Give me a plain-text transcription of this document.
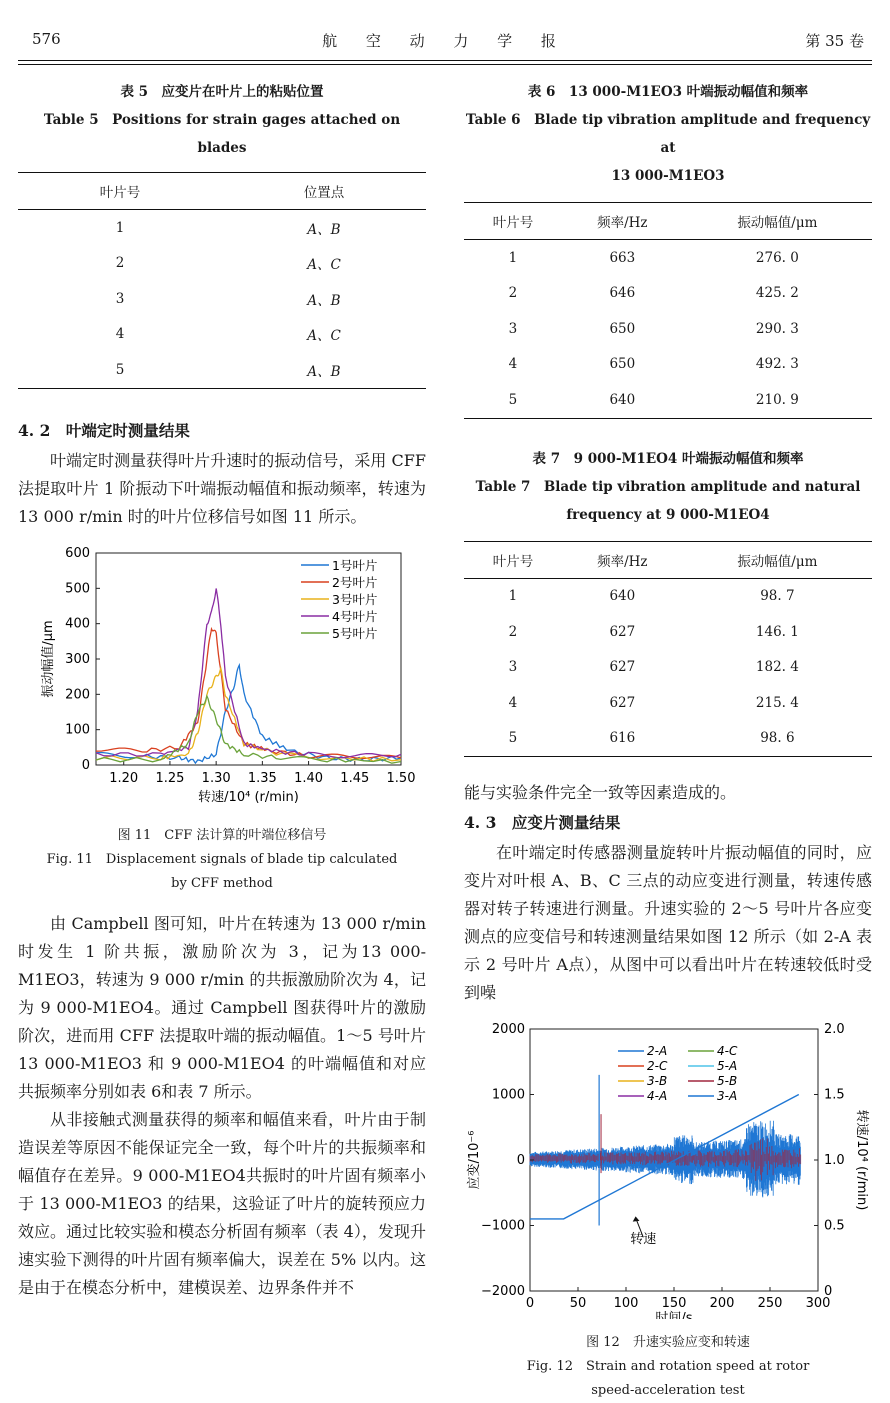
576	航 空 动 力 学 报	第 35 卷
表 5　应变片在叶片上的粘贴位置
Table 5　Positions for strain gages attached on blades
叶片号	位置点
1	A、B
2	A、C
3	A、B
4	A、C
5	A、B
4. 2　叶端定时测量结果

叶端定时测量获得叶片升速时的振动信号，采用 CFF 法提取叶片 1 阶振动下叶端振动幅值和振动频率，转速为 13 000 r/min 时的叶片位移信号如图 11 所示。

1.20 1.25 1.30 1.35 1.40 1.45 1.50
0
100
200
300
400
500
600
转速/10⁴ (r/min)
振动幅值/μm
1号叶片
2号叶片
3号叶片
4号叶片
5号叶片
图 11　CFF 法计算的叶端位移信号
Fig. 11　Displacement signals of blade tip calculated
by CFF method

由 Campbell 图可知，叶片在转速为 13 000 r/min时发生 1 阶共振，激励阶次为 3，记为13 000-M1EO3，转速为 9 000 r/min 的共振激励阶次为 4，记为 9 000-M1EO4。通过 Campbell 图获得叶片的激励阶次，进而用 CFF 法提取叶端的振动幅值。1～5 号叶片 13 000-M1EO3 和 9 000-M1EO4 的叶端幅值和对应共振频率分别如表 6和表 7 所示。

从非接触式测量获得的频率和幅值来看，叶片由于制造误差等原因不能保证完全一致，每个叶片的共振频率和幅值存在差异。9 000-M1EO4共振时的叶片固有频率小于 13 000-M1EO3 的结果，这验证了叶片的旋转预应力效应。通过比较实验和模态分析固有频率（表 4），发现升速实验下测得的叶片固有频率偏大，误差在 5% 以内。这是由于在模态分析中，建模误差、边界条件并不

表 6　13 000-M1EO3 叶端振动幅值和频率
Table 6　Blade tip vibration amplitude and frequency at
13 000-M1EO3
叶片号	频率/Hz	振动幅值/μm
1	663	276. 0
2	646	425. 2
3	650	290. 3
4	650	492. 3
5	640	210. 9
表 7　9 000-M1EO4 叶端振动幅值和频率
Table 7　Blade tip vibration amplitude and natural
frequency at 9 000-M1EO4
叶片号	频率/Hz	振动幅值/μm
1	640	98. 7
2	627	146. 1
3	627	182. 4
4	627	215. 4
5	616	98. 6

能与实验条件完全一致等因素造成的。

4. 3　应变片测量结果

在叶端定时传感器测量旋转叶片振动幅值的同时，应变片对叶根 A、B、C 三点的动应变进行测量，转速传感器对转子转速进行测量。升速实验的 2～5 号叶片各应变测点的应变信号和转速测量结果如图 12 所示（如 2-A 表示 2 号叶片 A点），从图中可以看出叶片在转速较低时受到噪

转速
0	50 100 150 200 250 300
−2000
−1000
0
1000
2000
0
0.5
1.0
1.5
2.0
时间/s
应变/10⁻⁶	转速/10⁴ (r/min)
2-A
2-C
3-B
4-A
4-C
5-A
5-B
3-A
图 12　升速实验应变和转速
Fig. 12　Strain and rotation speed at rotor
speed-acceleration test
